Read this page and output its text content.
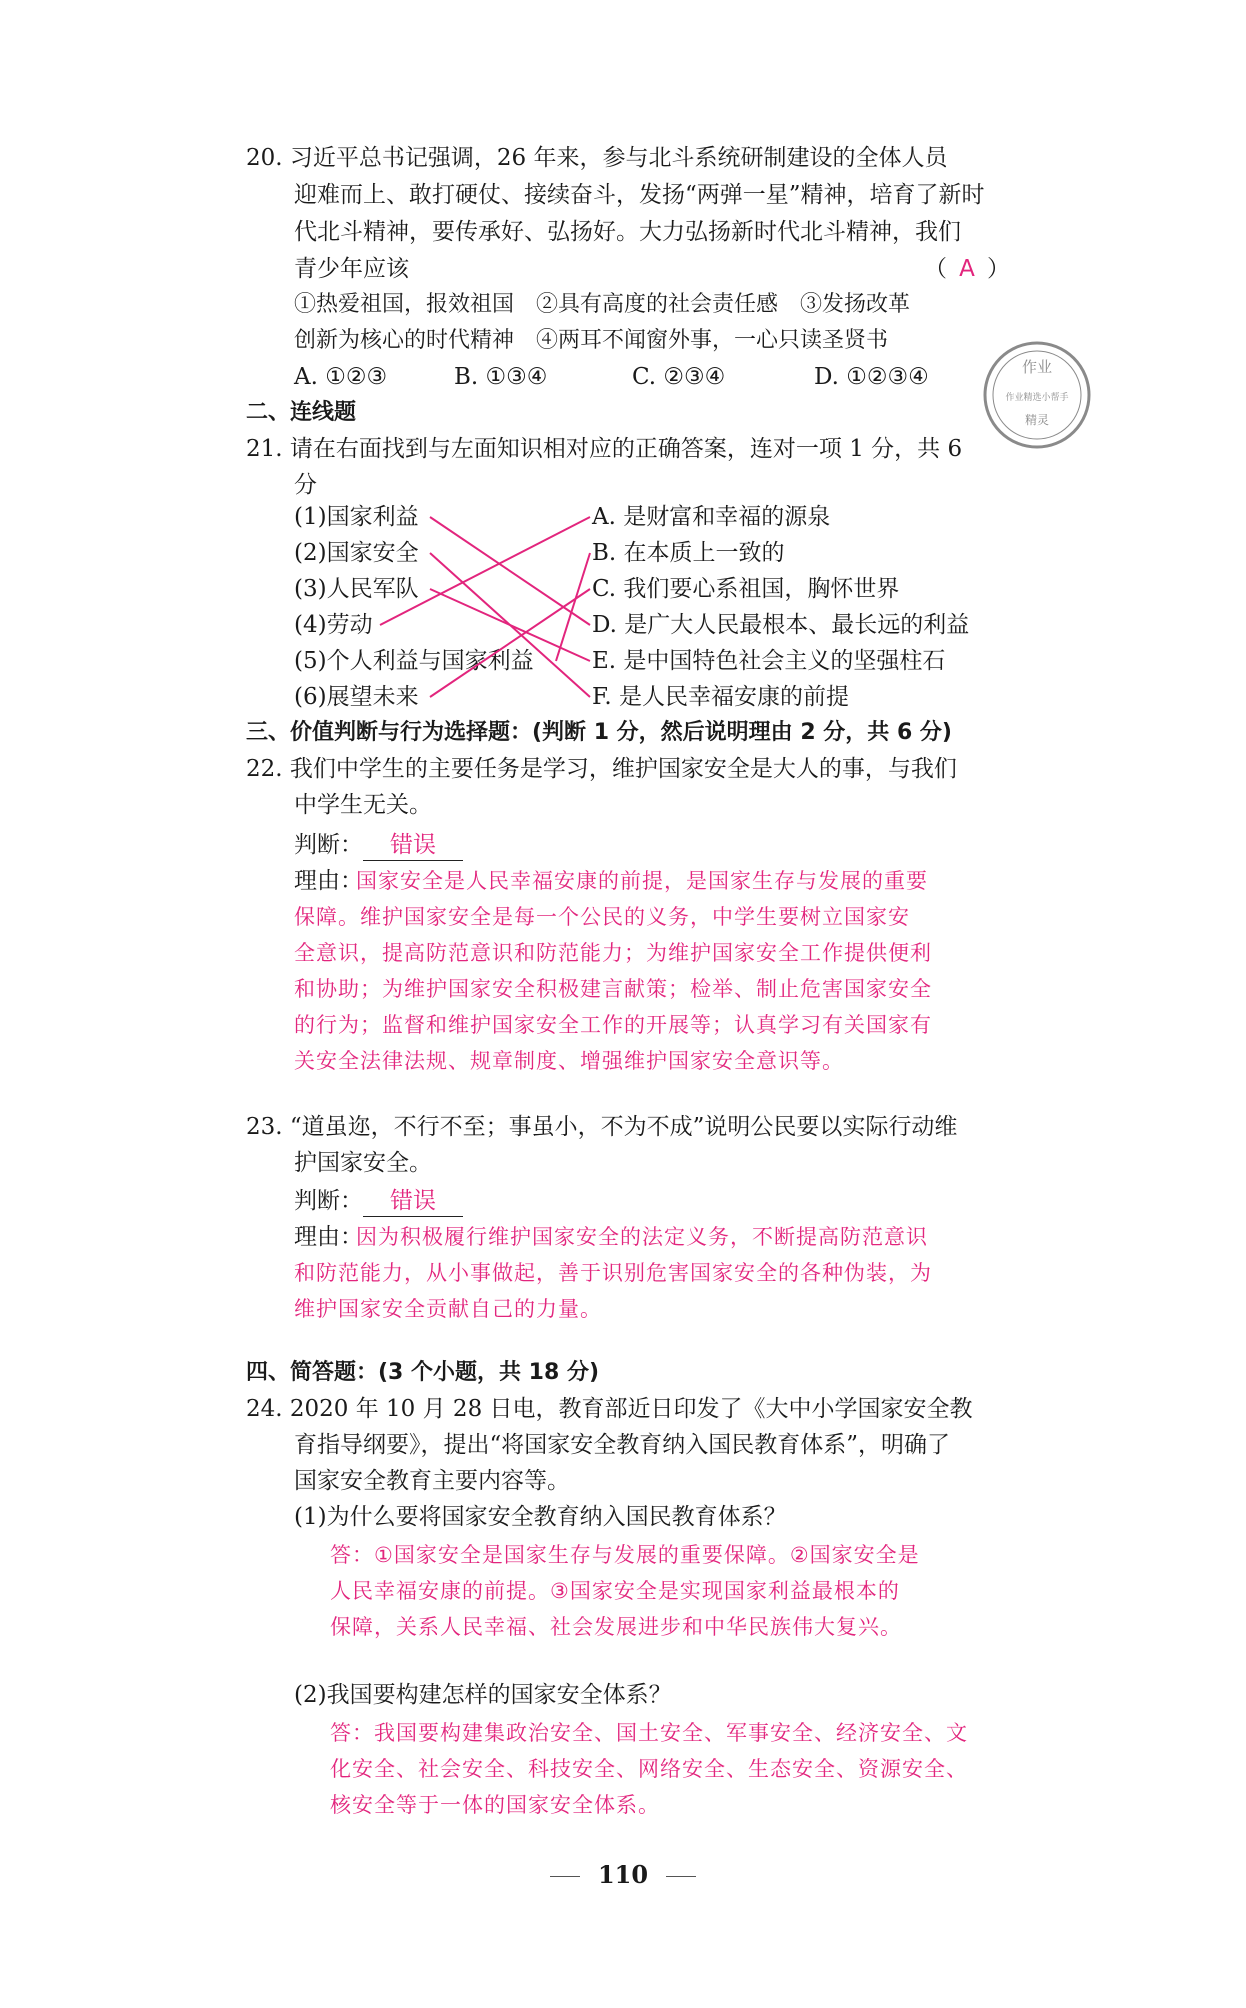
20. 习近平总书记强调，26 年来，参与北斗系统研制建设的全体人员
迎难而上、敢打硬仗、接续奋斗，发扬“两弹一星”精神，培育了新时
代北斗精神，要传承好、弘扬好。大力弘扬新时代北斗精神，我们
青少年应该	（ A ）
①热爱祖国，报效祖国　②具有高度的社会责任感　③发扬改革
创新为核心的时代精神　④两耳不闻窗外事，一心只读圣贤书
A. ①②③	B. ①③④	C. ②③④	D. ①②③④	作业
作业精选小帮手
精灵
二、连线题
21. 请在右面找到与左面知识相对应的正确答案，连对一项 1 分，共 6
分
(1)国家利益
(2)国家安全
(3)人民军队
(4)劳动
(5)个人利益与国家利益
(6)展望未来
A. 是财富和幸福的源泉
B. 在本质上一致的
C. 我们要心系祖国，胸怀世界
D. 是广大人民最根本、最长远的利益
E. 是中国特色社会主义的坚强柱石
F. 是人民幸福安康的前提
三、价值判断与行为选择题：(判断 1 分，然后说明理由 2 分，共 6 分)
22. 我们中学生的主要任务是学习，维护国家安全是大人的事，与我们
中学生无关。
判断： 错误
理由：
国家安全是人民幸福安康的前提，是国家生存与发展的重要
保障。维护国家安全是每一个公民的义务，中学生要树立国家安
全意识，提高防范意识和防范能力；为维护国家安全工作提供便利
和协助；为维护国家安全积极建言献策；检举、制止危害国家安全
的行为；监督和维护国家安全工作的开展等；认真学习有关国家有
关安全法律法规、规章制度、增强维护国家安全意识等。
23. “道虽迩，不行不至；事虽小，不为不成”说明公民要以实际行动维
护国家安全。
判断： 错误
理由：
因为积极履行维护国家安全的法定义务，不断提高防范意识
和防范能力，从小事做起，善于识别危害国家安全的各种伪装，为
维护国家安全贡献自己的力量。
四、简答题：(3 个小题，共 18 分)
24. 2020 年 10 月 28 日电，教育部近日印发了《大中小学国家安全教
育指导纲要》，提出“将国家安全教育纳入国民教育体系”，明确了
国家安全教育主要内容等。
(1)为什么要将国家安全教育纳入国民教育体系？
答：①国家安全是国家生存与发展的重要保障。②国家安全是
人民幸福安康的前提。③国家安全是实现国家利益最根本的
保障，关系人民幸福、社会发展进步和中华民族伟大复兴。
(2)我国要构建怎样的国家安全体系？
答：我国要构建集政治安全、国土安全、军事安全、经济安全、文
化安全、社会安全、科技安全、网络安全、生态安全、资源安全、
核安全等于一体的国家安全体系。
110
